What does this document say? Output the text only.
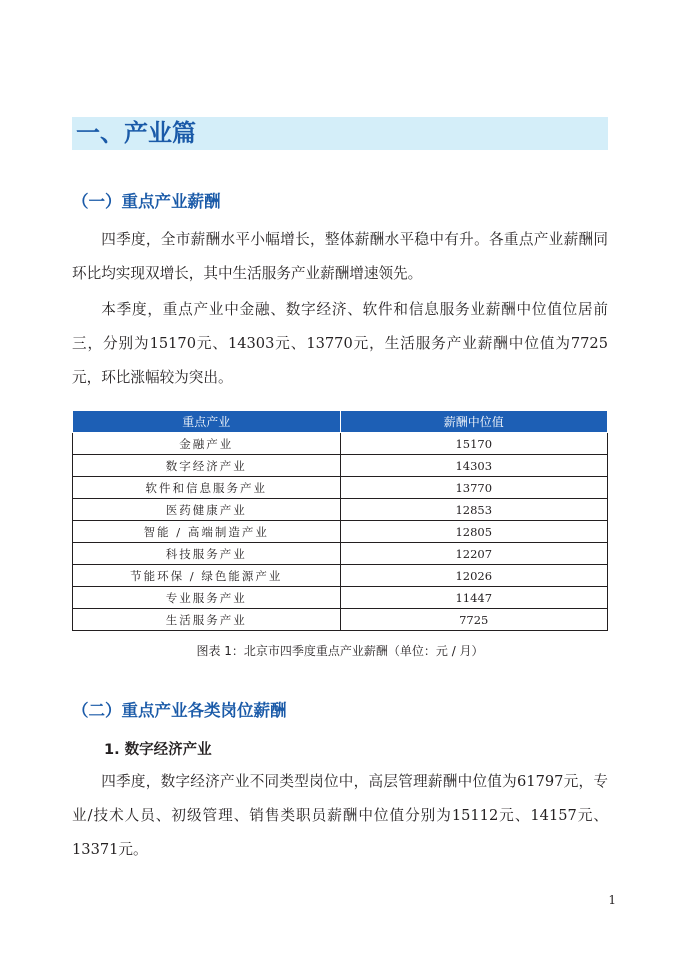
一、产业篇
（一）重点产业薪酬

四季度，全市薪酬水平小幅增长，整体薪酬水平稳中有升。各重点产业薪酬同环比均实现双增长，其中生活服务产业薪酬增速领先。

本季度，重点产业中金融、数字经济、软件和信息服务业薪酬中位值位居前三，分别为15170元、14303元、13770元，生活服务产业薪酬中位值为7725元，环比涨幅较为突出。

重点产业	薪酬中位值
金融产业	15170
数字经济产业	14303
软件和信息服务产业	13770
医药健康产业	12853
智能 / 高端制造产业	12805
科技服务产业	12207
节能环保 / 绿色能源产业	12026
专业服务产业	11447
生活服务产业	7725
图表 1：北京市四季度重点产业薪酬（单位：元 / 月）
（二）重点产业各类岗位薪酬
1. 数字经济产业

四季度，数字经济产业不同类型岗位中，高层管理薪酬中位值为61797元，专业/技术人员、初级管理、销售类职员薪酬中位值分别为15112元、14157元、13371元。

1
